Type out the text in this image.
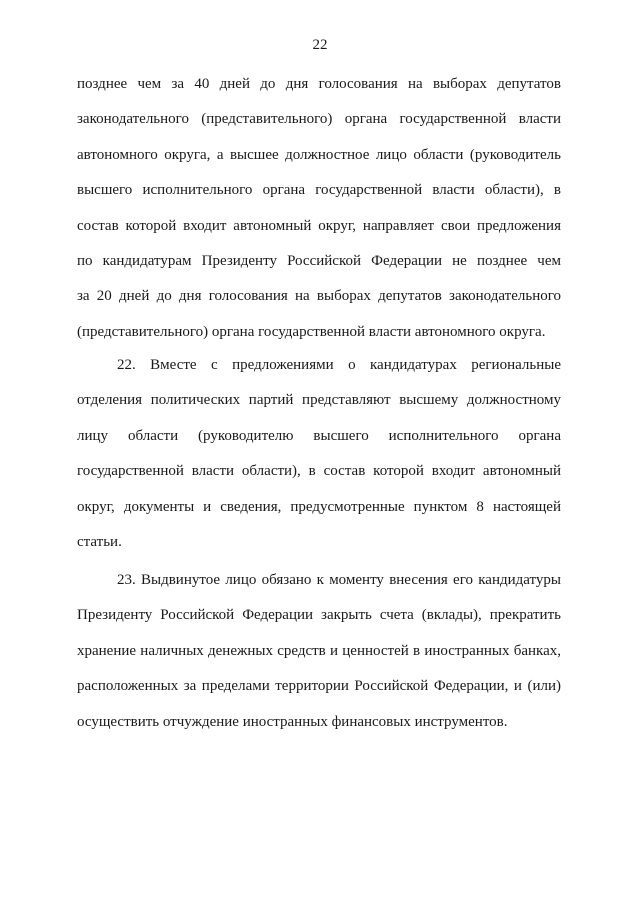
22
позднее чем за 40 дней до дня голосования на выборах депутатов
законодательного (представительного) органа государственной власти
автономного округа, а высшее должностное лицо области (руководитель
высшего исполнительного органа государственной власти области), в
состав которой входит автономный округ, направляет свои предложения
по кандидатурам Президенту Российской Федерации не позднее чем
за 20 дней до дня голосования на выборах депутатов законодательного
(представительного) органа государственной власти автономного округа.
22. Вместе с предложениями о кандидатурах региональные
отделения политических партий представляют высшему должностному
лицу области (руководителю высшего исполнительного органа
государственной власти области), в состав которой входит автономный
округ, документы и сведения, предусмотренные пунктом 8 настоящей
статьи.
23. Выдвинутое лицо обязано к моменту внесения его кандидатуры
Президенту Российской Федерации закрыть счета (вклады), прекратить
хранение наличных денежных средств и ценностей в иностранных банках,
расположенных за пределами территории Российской Федерации, и (или)
осуществить отчуждение иностранных финансовых инструментов.
